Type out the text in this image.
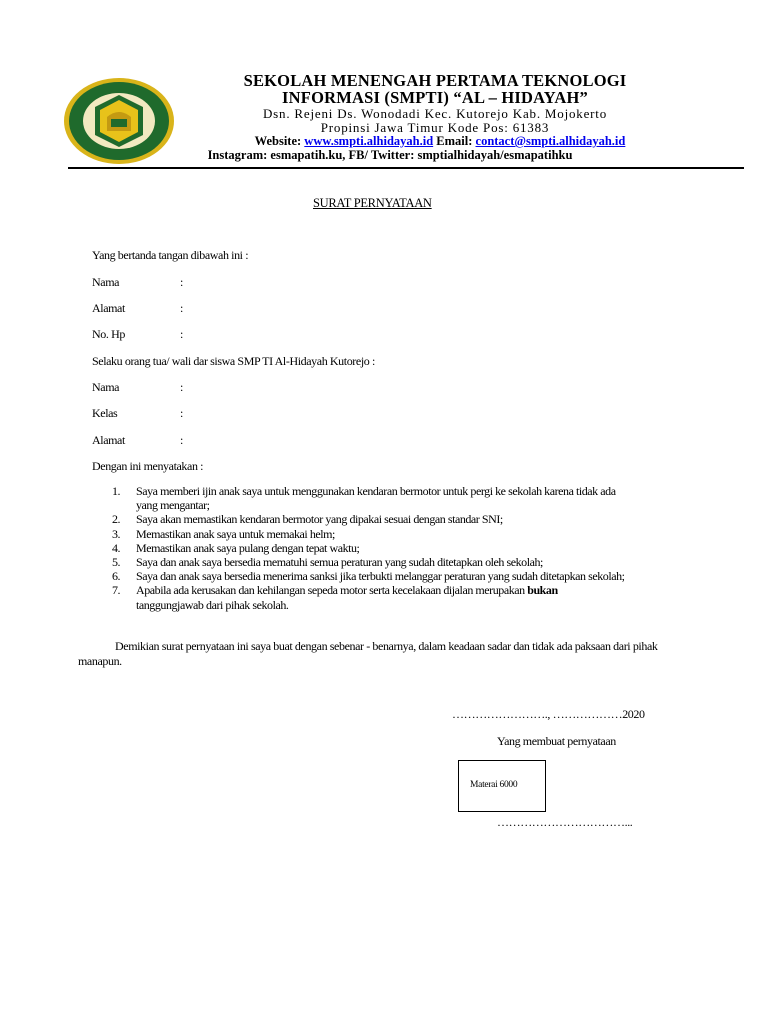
SMP TEKNOLOGI INFORMASI AL HIDAYAH KUTOREJO - MOJOKERTO
SEKOLAH MENENGAH PERTAMA TEKNOLOGI
INFORMASI (SMPTI) “AL – HIDAYAH”
Dsn. Rejeni Ds. Wonodadi Kec. Kutorejo Kab. Mojokerto
Propinsi Jawa Timur Kode Pos: 61383
Website: www.smpti.alhidayah.id Email: contact@smpti.alhidayah.id
Instagram: esmapatih.ku, FB/ Twitter: smptialhidayah/esmapatihku
SURAT PERNYATAAN
Yang bertanda tangan dibawah ini :
Nama	:
Alamat	:
No. Hp	:
Selaku orang tua/ wali dar siswa SMP TI Al-Hidayah Kutorejo :
Nama	:
Kelas	:
Alamat	:
Dengan ini menyatakan :
1. Saya memberi ijin anak saya untuk menggunakan kendaran bermotor untuk pergi ke sekolah karena tidak ada
yang mengantar;
2. Saya akan memastikan kendaran bermotor yang dipakai sesuai dengan standar SNI;
3. Memastikan anak saya untuk memakai helm;
4. Memastikan anak saya pulang dengan tepat waktu;
5. Saya dan anak saya bersedia mematuhi semua peraturan yang sudah ditetapkan oleh sekolah;
6. Saya dan anak saya bersedia menerima sanksi jika terbukti melanggar peraturan yang sudah ditetapkan sekolah;
7. Apabila ada kerusakan dan kehilangan sepeda motor serta kecelakaan dijalan merupakan bukan
tanggungjawab dari pihak sekolah.
Demikian surat pernyataan ini saya buat dengan sebenar - benarnya, dalam keadaan sadar dan tidak ada paksaan dari pihak manapun.
……………………., ………………2020
Yang membuat pernyataan
Materai 6000
……………………………...
